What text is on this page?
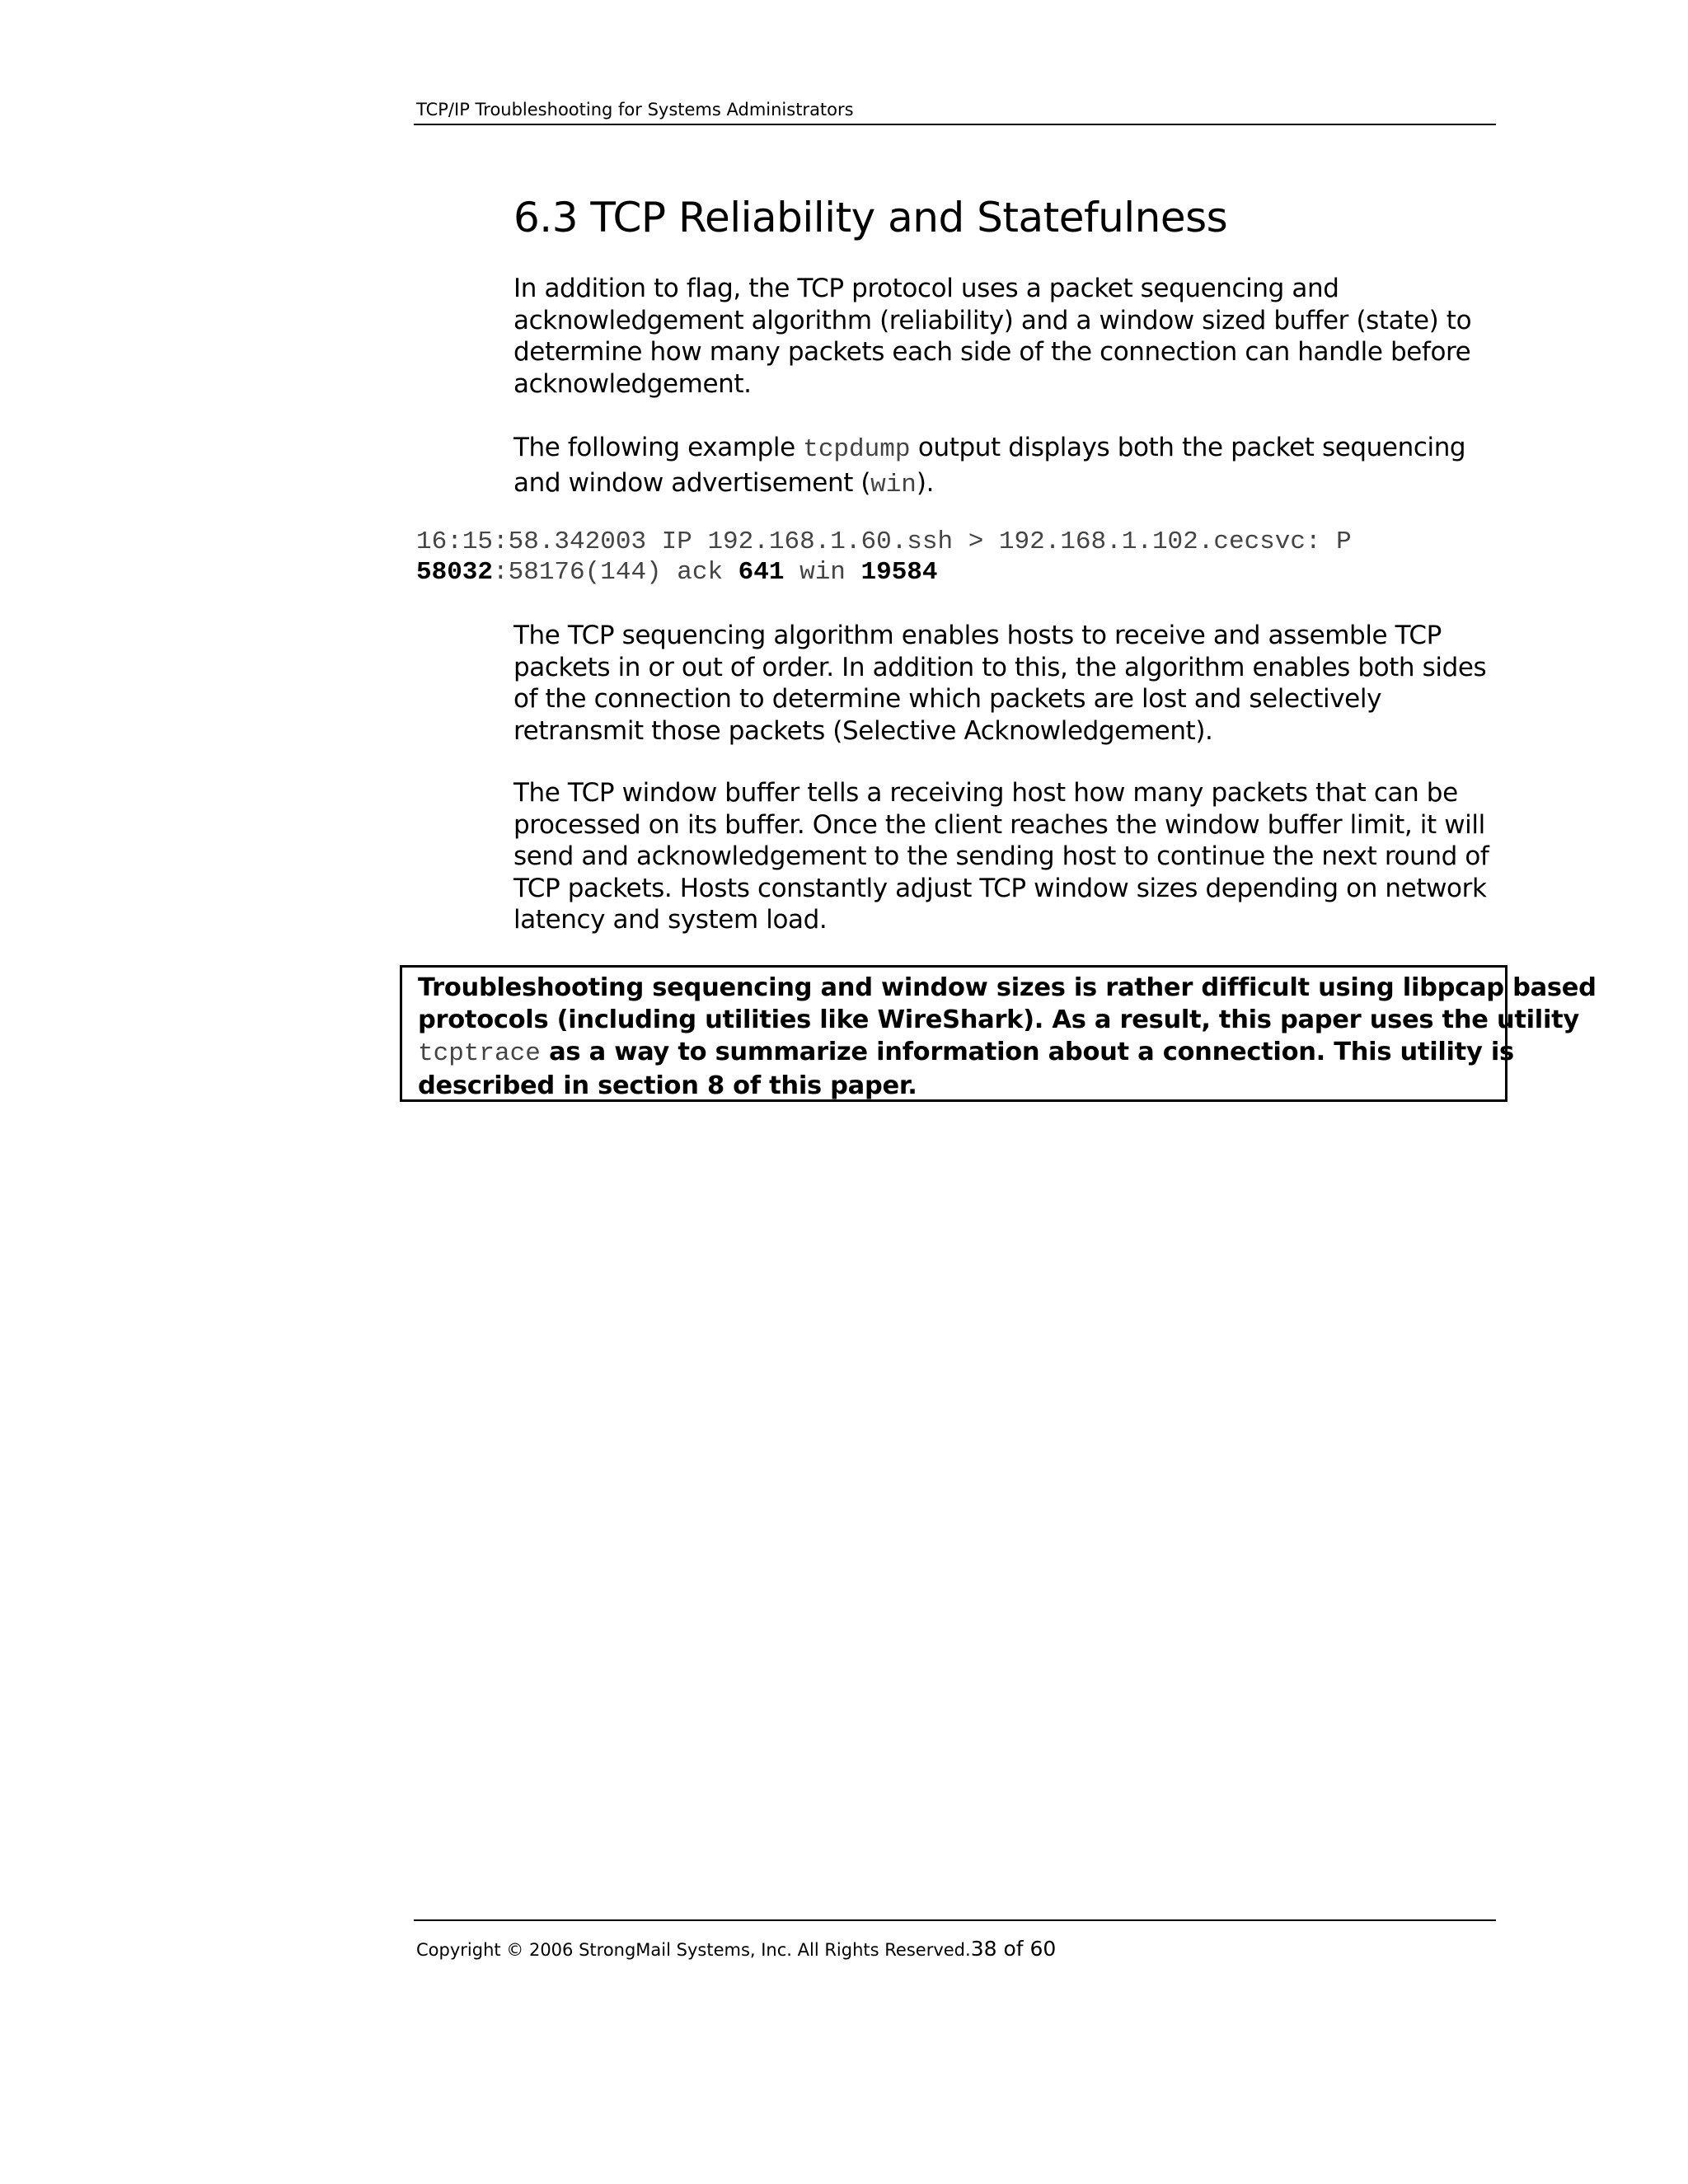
TCP/IP Troubleshooting for Systems Administrators
6.3 TCP Reliability and Statefulness

In addition to flag, the TCP protocol uses a packet sequencing and
acknowledgement algorithm (reliability) and a window sized buffer (state) to
determine how many packets each side of the connection can handle before
acknowledgement.

The following example tcpdump output displays both the packet sequencing
and window advertisement (win).

16:15:58.342003 IP 192.168.1.60.ssh > 192.168.1.102.cecsvc: P
58032:58176(144) ack 641 win 19584

The TCP sequencing algorithm enables hosts to receive and assemble TCP
packets in or out of order. In addition to this, the algorithm enables both sides
of the connection to determine which packets are lost and selectively
retransmit those packets (Selective Acknowledgement).

The TCP window buffer tells a receiving host how many packets that can be
processed on its buffer. Once the client reaches the window buffer limit, it will
send and acknowledgement to the sending host to continue the next round of
TCP packets. Hosts constantly adjust TCP window sizes depending on network
latency and system load.

Troubleshooting sequencing and window sizes is rather difficult using libpcap based
protocols (including utilities like WireShark). As a result, this paper uses the utility
tcptrace as a way to summarize information about a connection. This utility is
described in section 8 of this paper.
Copyright © 2006 StrongMail Systems, Inc. All Rights Reserved.38 of 60
